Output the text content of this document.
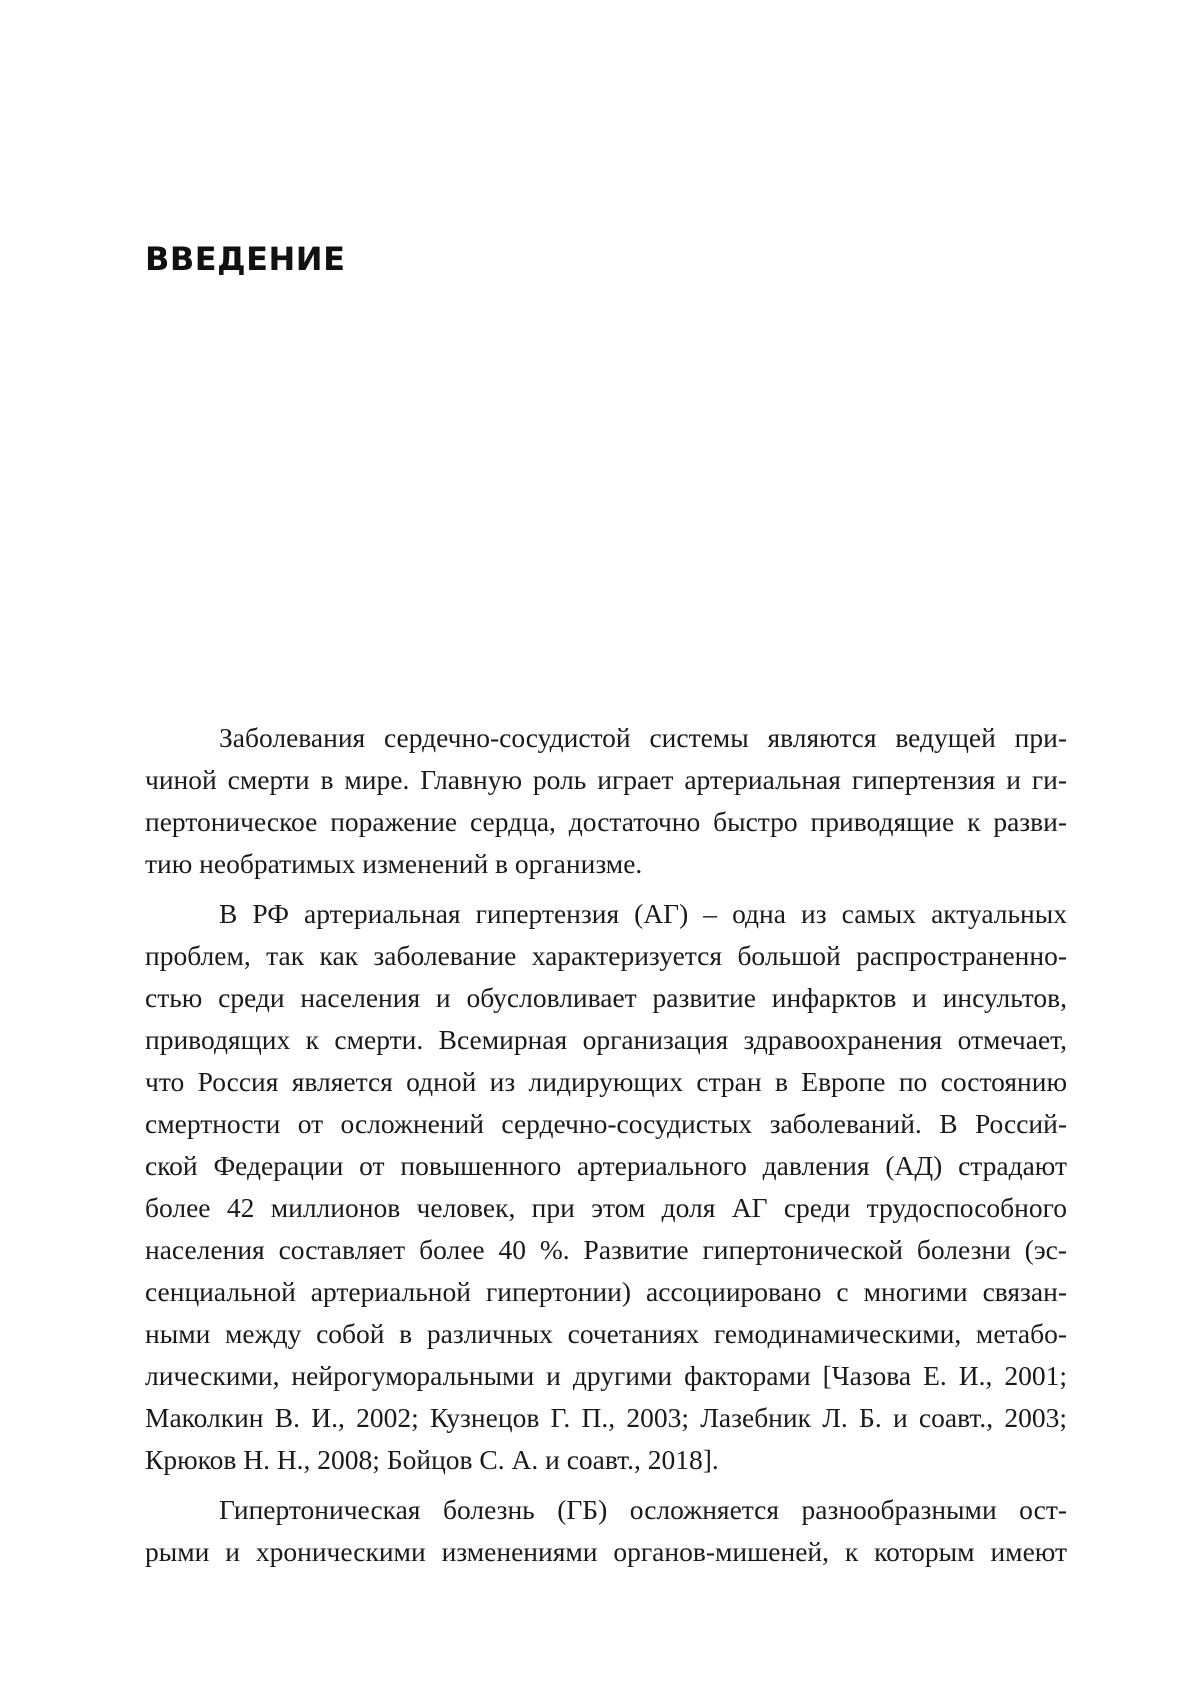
ВВЕДЕНИЕ

Заболевания сердечно-сосудистой системы являются ведущей при-
чиной смерти в мире. Главную роль играет артериальная гипертензия и ги-
пертоническое поражение сердца, достаточно быстро приводящие к разви-
тию необратимых изменений в организме.

В РФ артериальная гипертензия (АГ) – одна из самых актуальных
проблем, так как заболевание характеризуется большой распространенно-
стью среди населения и обусловливает развитие инфарктов и инсультов,
приводящих к смерти. Всемирная организация здравоохранения отмечает,
что Россия является одной из лидирующих стран в Европе по состоянию
смертности от осложнений сердечно-сосудистых заболеваний. В Россий-
ской Федерации от повышенного артериального давления (АД) страдают
более 42 миллионов человек, при этом доля АГ среди трудоспособного
населения составляет более 40 %. Развитие гипертонической болезни (эс-
сенциальной артериальной гипертонии) ассоциировано с многими связан-
ными между собой в различных сочетаниях гемодинамическими, метабо-
лическими, нейрогуморальными и другими факторами [Чазова Е. И., 2001;
Маколкин В. И., 2002; Кузнецов Г. П., 2003; Лазебник Л. Б. и соавт., 2003;
Крюков Н. Н., 2008; Бойцов С. А. и соавт., 2018].

Гипертоническая болезнь (ГБ) осложняется разнообразными ост-
рыми и хроническими изменениями органов-мишеней, к которым имеют
